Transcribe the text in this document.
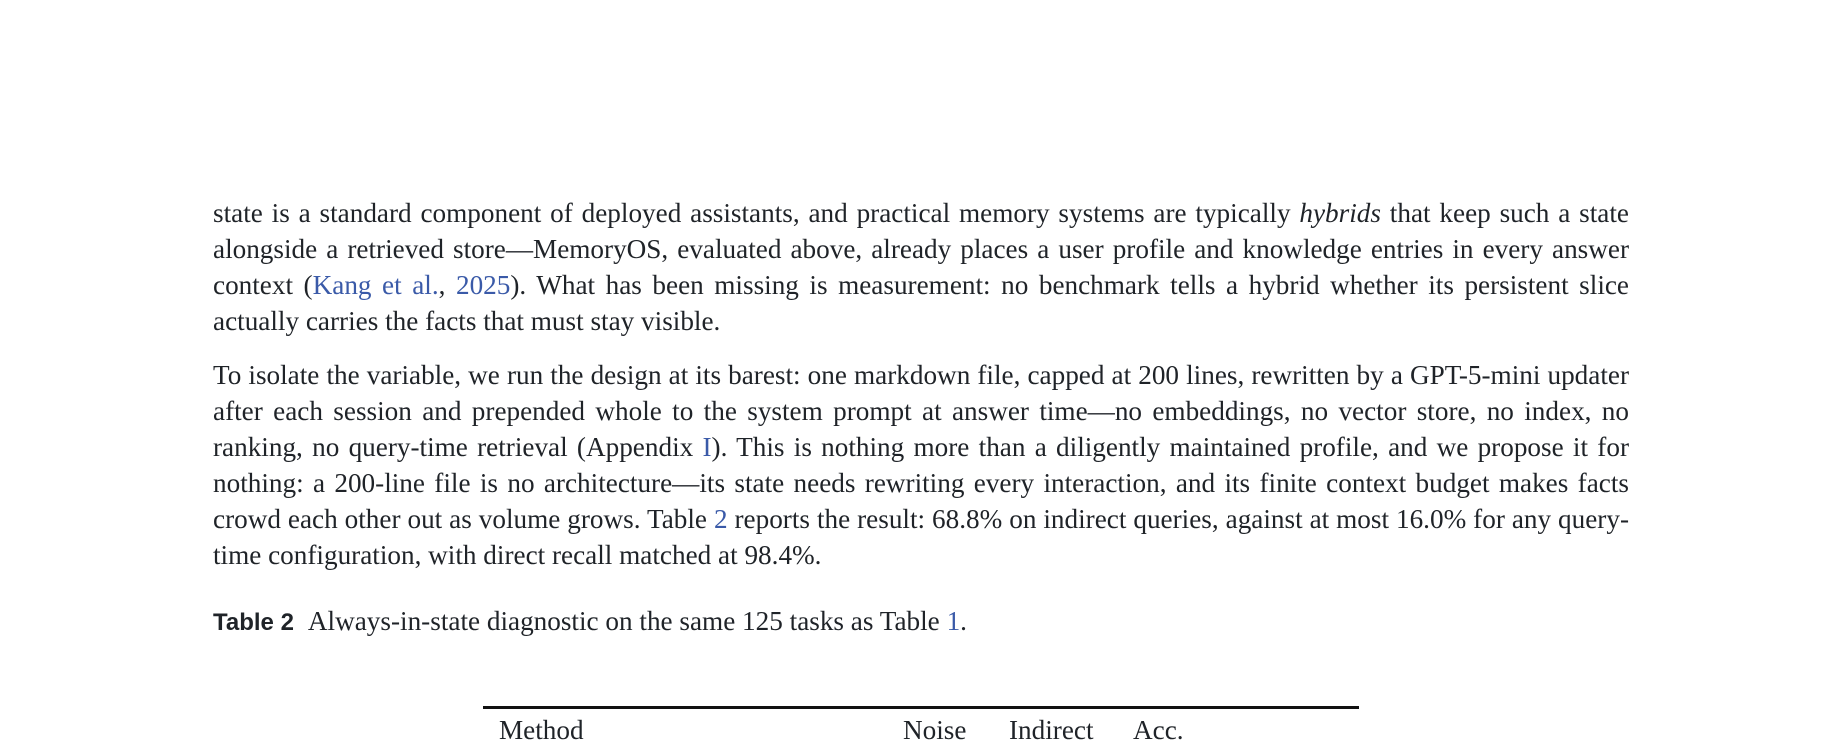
state is a standard component of deployed assistants, and practical memory systems are typically hybrids that keep such a state alongside a retrieved store—MemoryOS, evaluated above, already places a user profile and knowledge entries in every answer context (Kang et al., 2025). What has been missing is measurement: no benchmark tells a hybrid whether its persistent slice actually carries the facts that must stay visible.

To isolate the variable, we run the design at its barest: one markdown file, capped at 200 lines, rewritten by a GPT-5-mini updater after each session and prepended whole to the system prompt at answer time—no embeddings, no vector store, no index, no ranking, no query-time retrieval (Appendix I). This is nothing more than a diligently maintained profile, and we propose it for nothing: a 200-line file is no architecture—its state needs rewriting every interaction, and its finite context budget makes facts crowd each other out as volume grows. Table 2 reports the result: 68.8% on indirect queries, against at most 16.0% for any query-time configuration, with direct recall matched at 98.4%.

Table 2 Always-in-state diagnostic on the same 125 tasks as Table 1.
Method	Noise Indirect Acc.
